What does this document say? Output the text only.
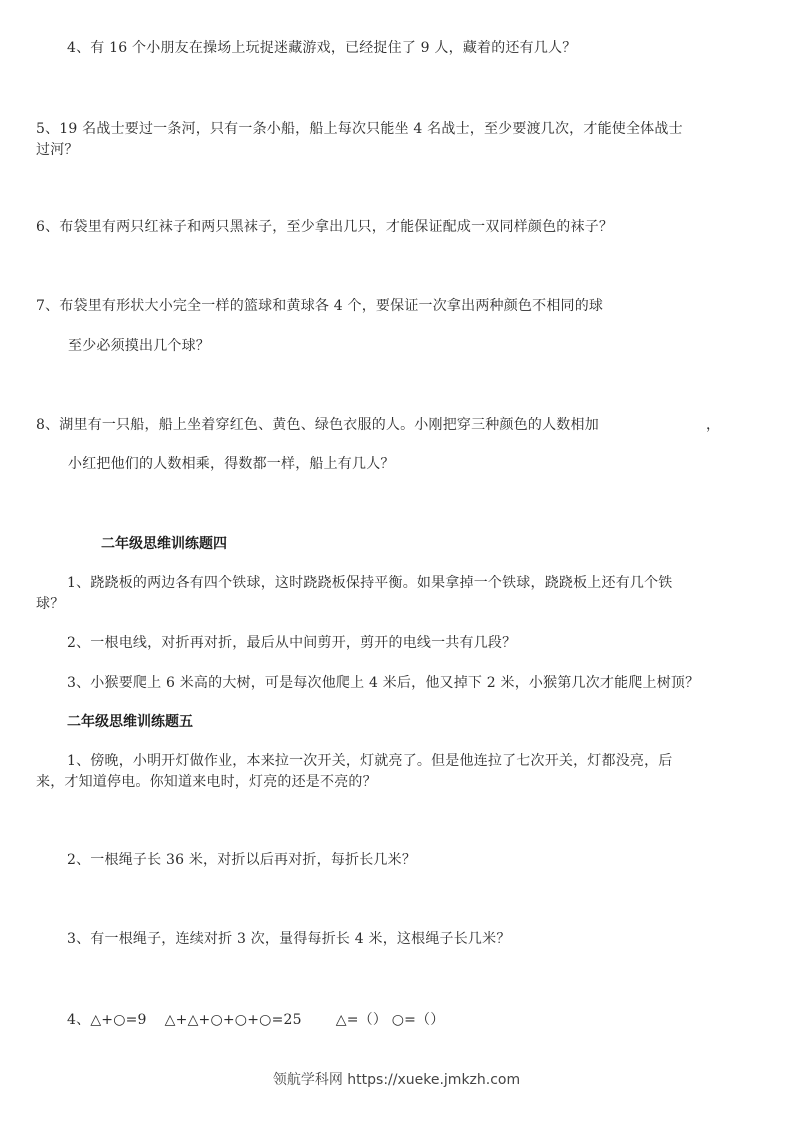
4、有 16 个小朋友在操场上玩捉迷藏游戏，已经捉住了 9 人，藏着的还有几人？
5、19 名战士要过一条河，只有一条小船，船上每次只能坐 4 名战士，至少要渡几次，才能使全体战士
过河？
6、布袋里有两只红袜子和两只黑袜子，至少拿出几只，才能保证配成一双同样颜色的袜子？
7、布袋里有形状大小完全一样的篮球和黄球各 4 个，要保证一次拿出两种颜色不相同的球
至少必须摸出几个球？
8、湖里有一只船，船上坐着穿红色、黄色、绿色衣服的人。小刚把穿三种颜色的人数相加	，
小红把他们的人数相乘，得数都一样，船上有几人？
二年级思维训练题四
1、跷跷板的两边各有四个铁球，这时跷跷板保持平衡。如果拿掉一个铁球，跷跷板上还有几个铁
球？
2、一根电线，对折再对折，最后从中间剪开，剪开的电线一共有几段？
3、小猴要爬上 6 米高的大树，可是每次他爬上 4 米后，他又掉下 2 米，小猴第几次才能爬上树顶？
二年级思维训练题五
1、傍晚，小明开灯做作业，本来拉一次开关，灯就亮了。但是他连拉了七次开关，灯都没亮，后
来，才知道停电。你知道来电时，灯亮的还是不亮的？
2、一根绳子长 36 米，对折以后再对折，每折长几米？
3、有一根绳子，连续对折 3 次，量得每折长 4 米，这根绳子长几米？
4、△+○=9 △+△+○+○+○=25 △=（） ○=（）
领航学科网 https://xueke.jmkzh.com
